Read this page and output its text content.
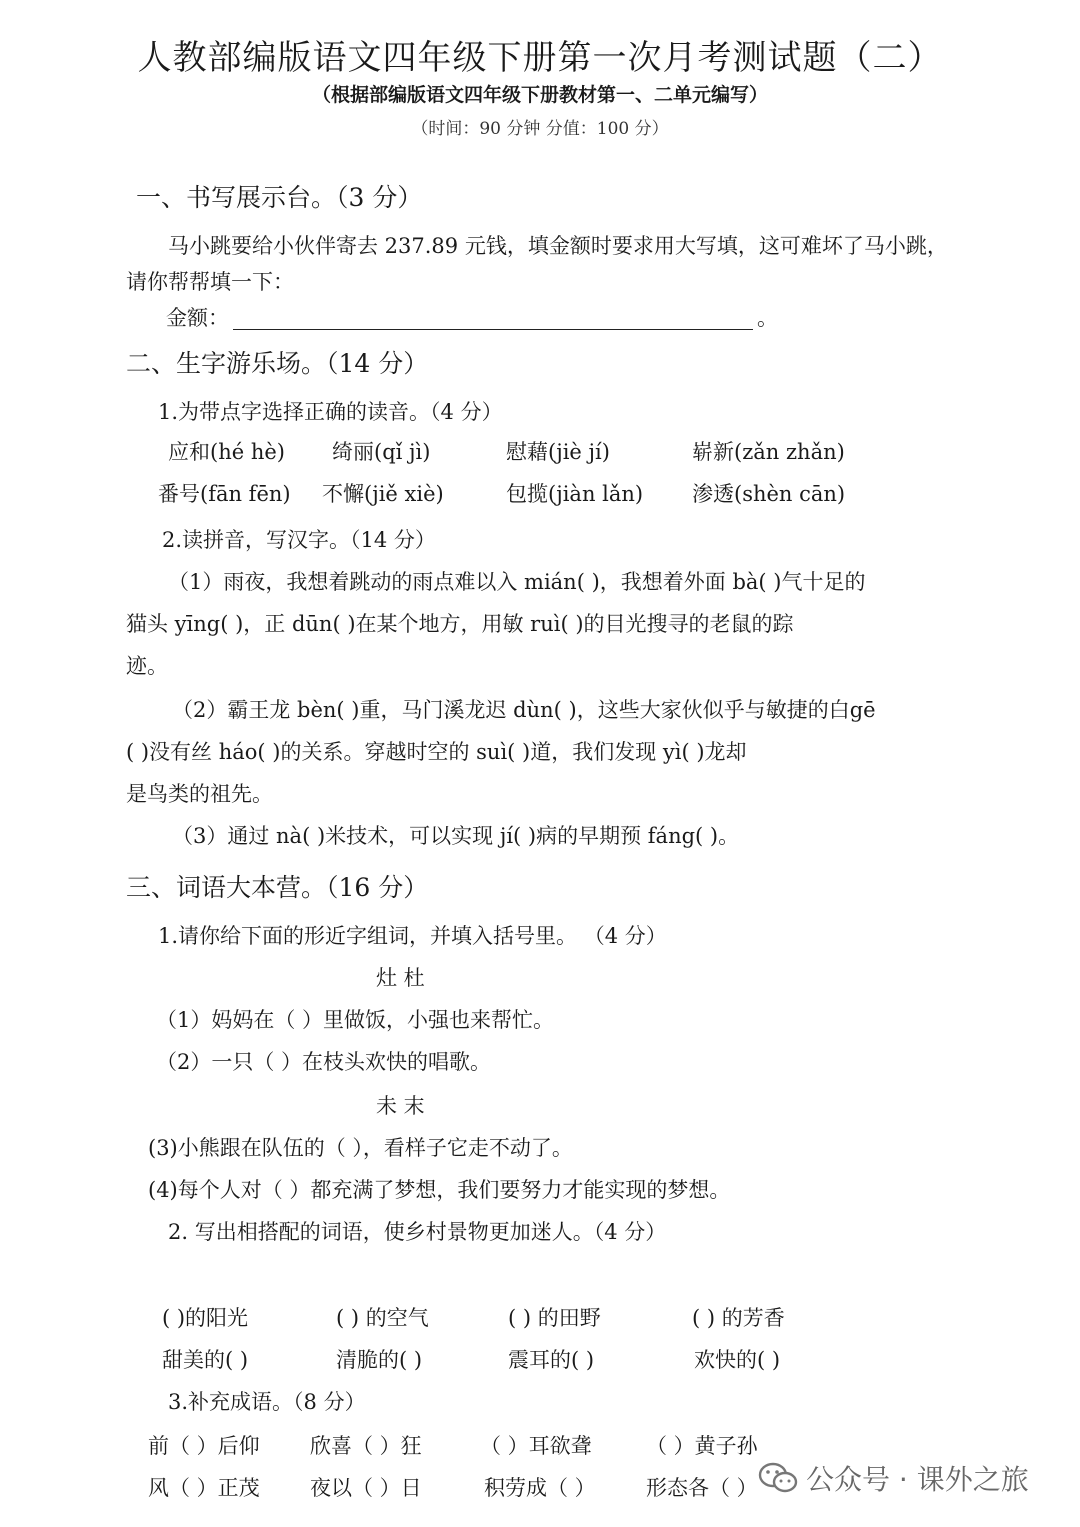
人教部编版语文四年级下册第一次月考测试题（二）
（根据部编版语文四年级下册教材第一、二单元编写）
（时间：90 分钟 分值：100 分）
一、书写展示台。（3 分）
马小跳要给小伙伴寄去 237.89 元钱，填金额时要求用大写填，这可难坏了马小跳，
请你帮帮填一下：
金额：	。
二、生字游乐场。（14 分）
1.为带点字选择正确的读音。（4 分）
应和(hé hè) 绮丽(qǐ jì)	慰藉(jiè jí)	崭新(zǎn zhǎn)
番号(fān fēn) 不懈(jiě xiè)	包揽(jiàn lǎn) 渗透(shèn cān)
2.读拼音，写汉字。（14 分）
（1）雨夜，我想着跳动的雨点难以入 mián( )，我想着外面 bà( )气十足的
猫头 yīng( )，正 dūn( )在某个地方，用敏 ruì( )的目光搜寻的老鼠的踪
迹。
（2）霸王龙 bèn( )重，马门溪龙迟 dùn( )，这些大家伙似乎与敏捷的白gē
( )没有丝 háo( )的关系。穿越时空的 suì( )道，我们发现 yì( )龙却
是鸟类的祖先。
（3）通过 nà( )米技术，可以实现 jí( )病的早期预 fáng( )。
三、词语大本营。（16 分）
1.请你给下面的形近字组词，并填入括号里。 （4 分）
灶 杜
（1）妈妈在（ ）里做饭，小强也来帮忙。
（2）一只（ ）在枝头欢快的唱歌。
未 末
(3)小熊跟在队伍的（ ），看样子它走不动了。
(4)每个人对（ ）都充满了梦想，我们要努力才能实现的梦想。
2. 写出相搭配的词语，使乡村景物更加迷人。（4 分）
( )的阳光	( ) 的空气	( ) 的田野	( ) 的芳香
甜美的( )	清脆的( )	震耳的( )	欢快的( )
3.补充成语。（8 分）
前（ ）后仰 欣喜（ ）狂	（ ）耳欲聋	（ ）黄子孙
风（ ）正茂 夜以（ ）日	积劳成（ ） 形态各（ ） 公众号 · 课外之旅
